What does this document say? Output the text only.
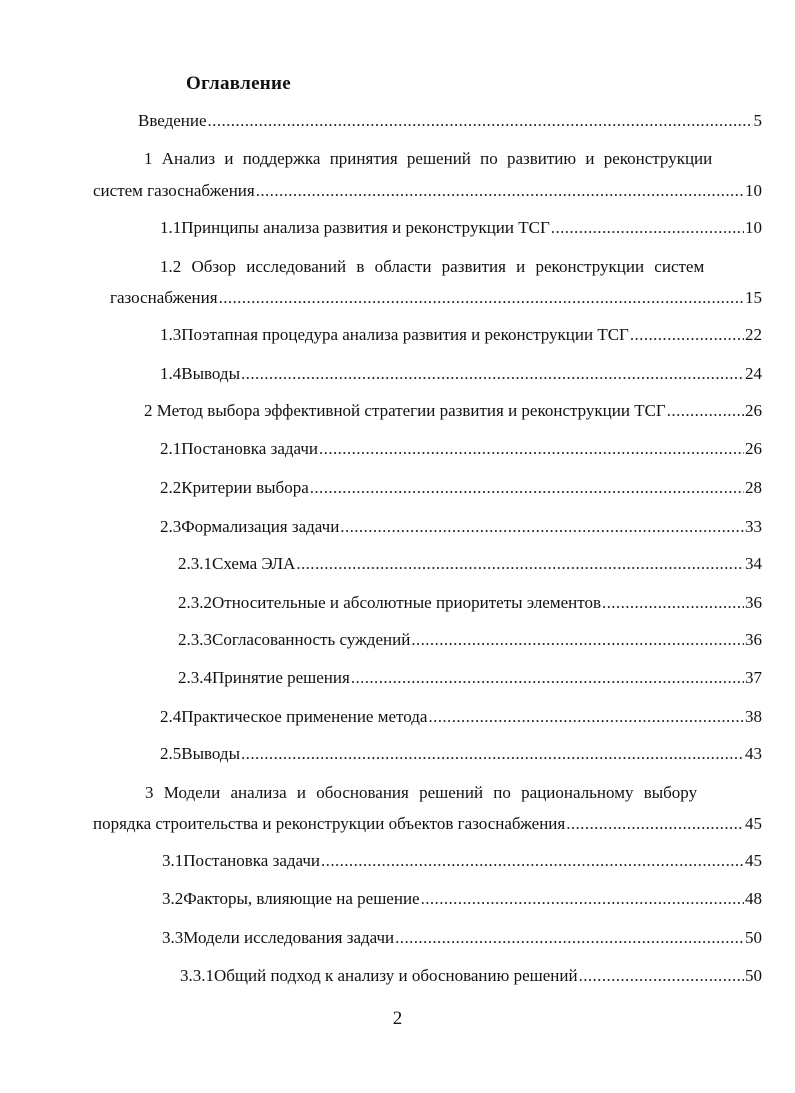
Оглавление
Введение .....	5
1 Анализ и поддержка принятия решений по развитию и реконструкции
систем газоснабжения .....	10
1.1 Принципы анализа развития и реконструкции ТСГ .....	10
1.2 Обзор исследований в области развития и реконструкции систем
газоснабжения .....	15
1.3 Поэтапная процедура анализа развития и реконструкции ТСГ .....	22
1.4 Выводы .....	24
2 Метод выбора эффективной стратегии развития и реконструкции ТСГ .....	26
2.1 Постановка задачи .....	26
2.2 Критерии выбора .....	28
2.3 Формализация задачи .....	33
2.3.1 Схема ЭЛА .....	34
2.3.2 Относительные и абсолютные приоритеты элементов .....	36
2.3.3 Согласованность суждений .....	36
2.3.4 Принятие решения .....	37
2.4 Практическое применение метода .....	38
2.5 Выводы .....	43
3 Модели анализа и обоснования решений по рациональному выбору
порядка строительства и реконструкции объектов газоснабжения .....	45
3.1 Постановка задачи .....	45
3.2 Факторы, влияющие на решение .....	48
3.3 Модели исследования задачи .....	50
3.3.1 Общий подход к анализу и обоснованию решений .....	50
2
